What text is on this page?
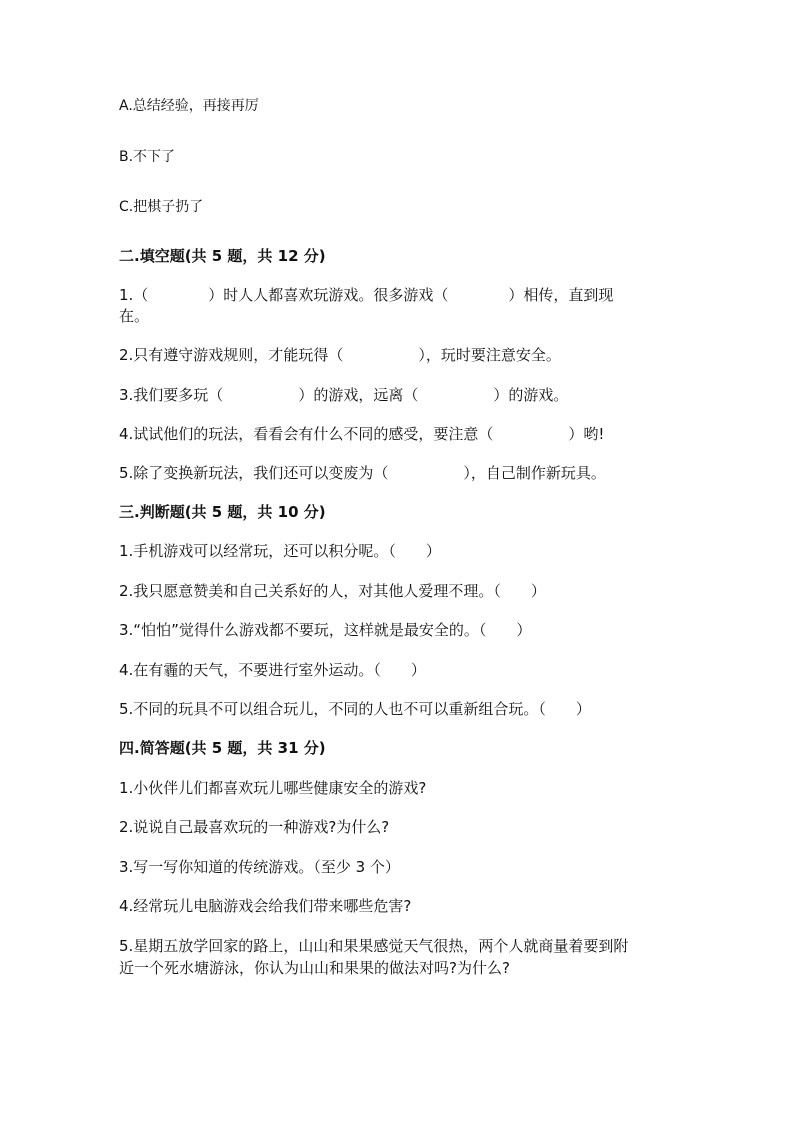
A.总结经验，再接再厉
B.不下了
C.把棋子扔了
二.填空题(共 5 题，共 12 分)
1.（　　　　）时人人都喜欢玩游戏。很多游戏（　　　　）相传，直到现
在。
2.只有遵守游戏规则，才能玩得（　　　　　），玩时要注意安全。
3.我们要多玩（　　　　　）的游戏，远离（　　　　　）的游戏。
4.试试他们的玩法，看看会有什么不同的感受，要注意（　　　　　）哟!
5.除了变换新玩法，我们还可以变废为（　　　　　），自己制作新玩具。
三.判断题(共 5 题，共 10 分)
1.手机游戏可以经常玩，还可以积分呢。（　　）
2.我只愿意赞美和自己关系好的人，对其他人爱理不理。（　　）
3.“怕怕”觉得什么游戏都不要玩，这样就是最安全的。（　　）
4.在有霾的天气，不要进行室外运动。（　　）
5.不同的玩具不可以组合玩儿，不同的人也不可以重新组合玩。（　　）
四.简答题(共 5 题，共 31 分)
1.小伙伴儿们都喜欢玩儿哪些健康安全的游戏?
2.说说自己最喜欢玩的一种游戏?为什么?
3.写一写你知道的传统游戏。（至少 3 个）
4.经常玩儿电脑游戏会给我们带来哪些危害?
5.星期五放学回家的路上，山山和果果感觉天气很热，两个人就商量着要到附
近一个死水塘游泳，你认为山山和果果的做法对吗?为什么?
